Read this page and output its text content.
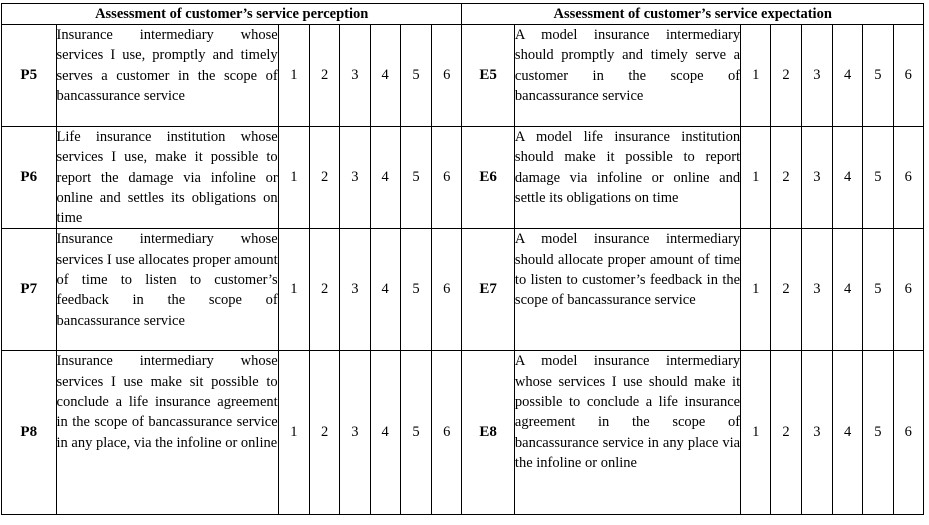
Assessment of customer’s service perception								Assessment of customer’s service expectation							
P5	Insurance intermediary whose services I use, promptly and timely serves a customer in the scope of bancassurance service	1	2	3	4	5	6	E5	A model insurance intermediary should promptly and timely serve a customer in the scope of bancassurance service	1	2	3	4	5	6
P6	Life insurance institution whose services I use, make it possible to report the damage via infoline or online and settles its obligations on time	1	2	3	4	5	6	E6	A model life insurance institution should make it possible to report damage via infoline or online and settle its obligations on time	1	2	3	4	5	6
P7	Insurance intermediary whose services I use allocates proper amount of time to listen to customer’s feedback in the scope of bancassurance service	1	2	3	4	5	6	E7	A model insurance intermediary should allocate proper amount of time to listen to customer’s feedback in the scope of bancassurance service	1	2	3	4	5	6
P8	Insurance intermediary whose services I use make sit possible to conclude a life insurance agreement in the scope of bancassurance service in any place, via the infoline or online	1	2	3	4	5	6	E8	A model insurance intermediary whose services I use should make it possible to conclude a life insurance agreement in the scope of bancassurance service in any place via the infoline or online	1	2	3	4	5	6
